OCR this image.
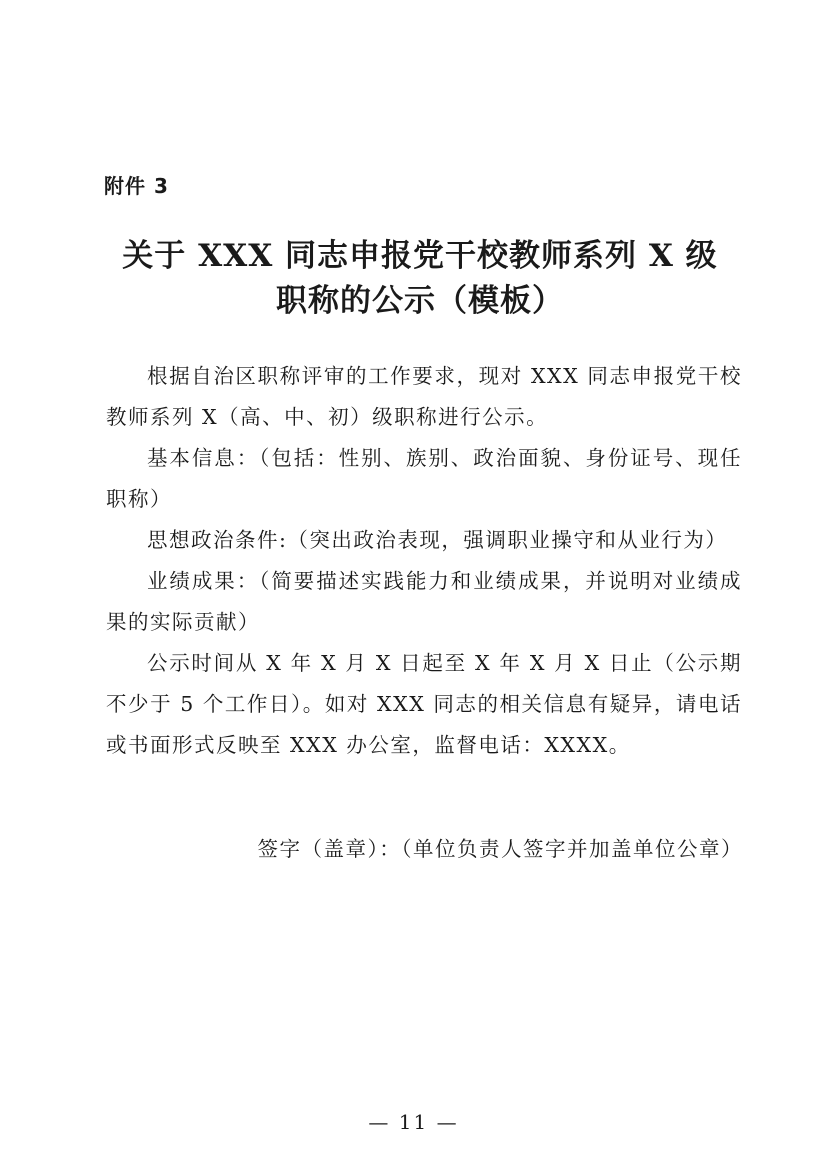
附件 3
关于 XXX 同志申报党干校教师系列 X 级
职称的公示（模板）

根据自治区职称评审的工作要求，现对 XXX 同志申报党干校教师系列 X（高、中、初）级职称进行公示。

基本信息：（包括：性别、族别、政治面貌、身份证号、现任职称）

思想政治条件:（突出政治表现，强调职业操守和从业行为）

业绩成果：（简要描述实践能力和业绩成果，并说明对业绩成果的实际贡献）

公示时间从 X 年 X 月 X 日起至 X 年 X 月 X 日止（公示期不少于 5 个工作日）。如对 XXX 同志的相关信息有疑异，请电话或书面形式反映至 XXX 办公室，监督电话：XXXX。

签字（盖章）：（单位负责人签字并加盖单位公章）
— 11 —
